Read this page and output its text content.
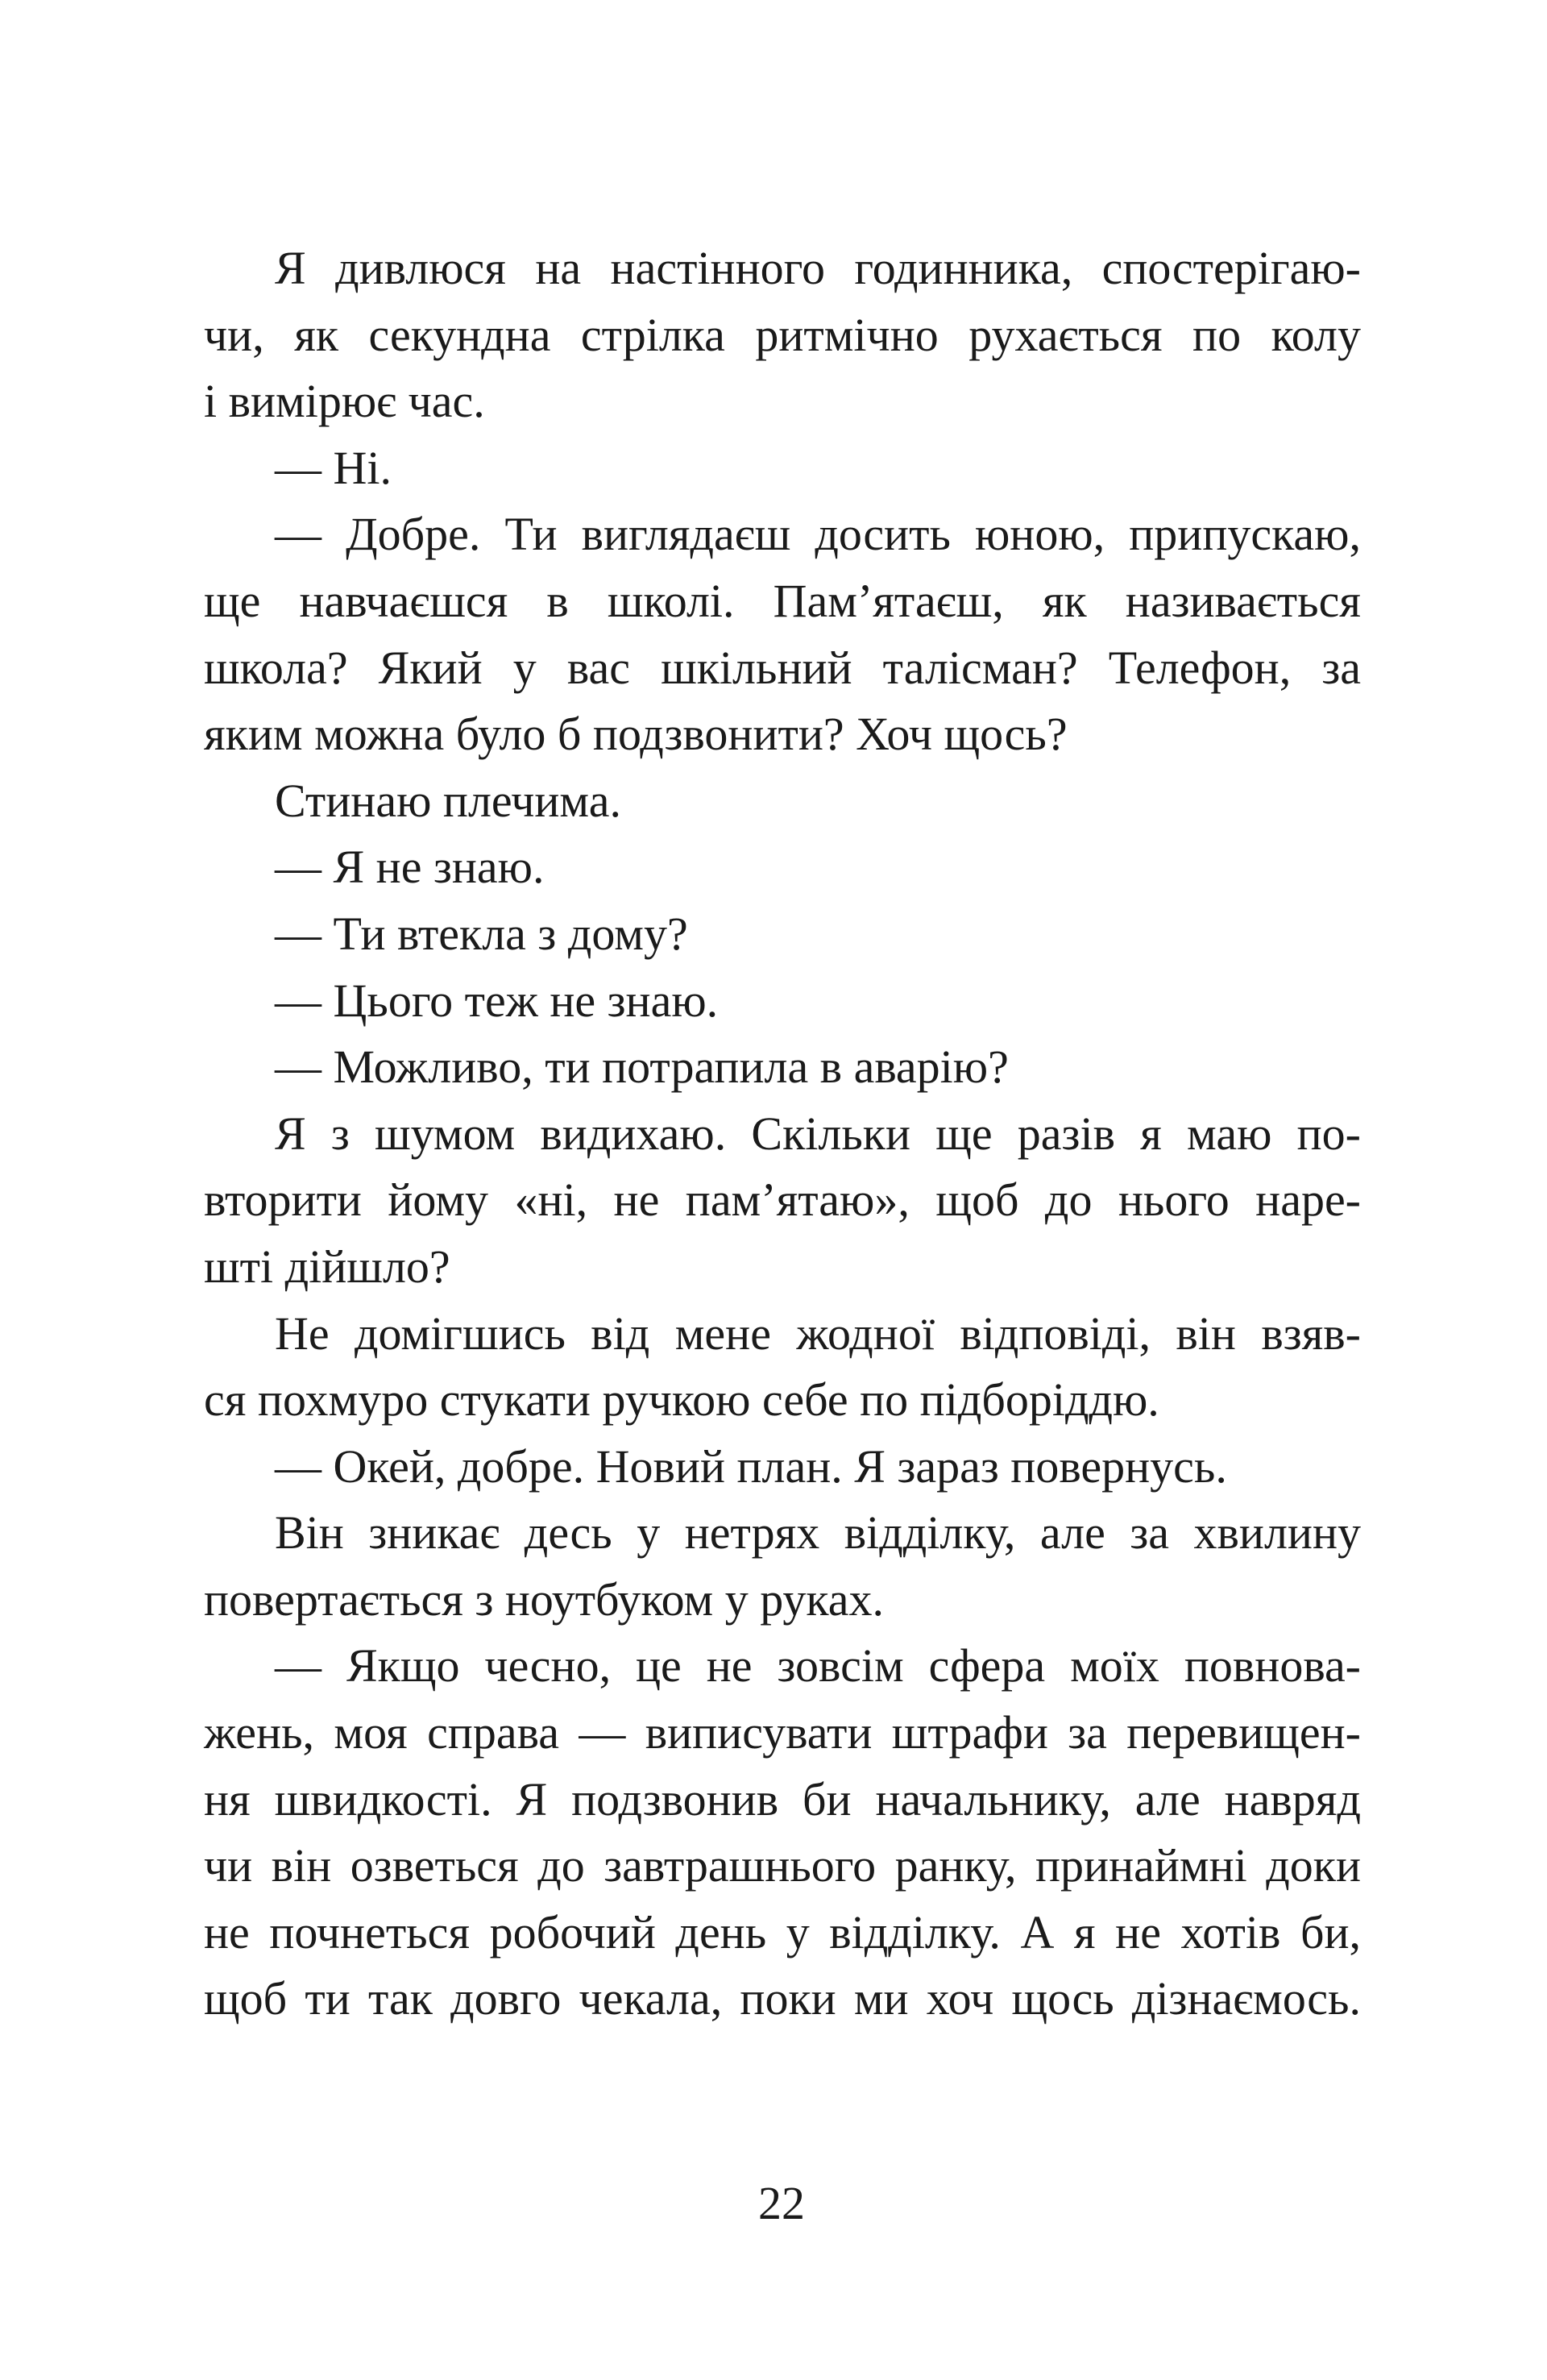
Я дивлюся на настінного годинника, спостерігаю-
чи, як секундна стрілка ритмічно рухається по колу
і вимірює час.
— Ні.
— Добре. Ти виглядаєш досить юною, припускаю,
ще навчаєшся в школі. Пам’ятаєш, як називається
школа? Який у вас шкільний талісман? Телефон, за
яким можна було б подзвонити? Хоч щось?
Стинаю плечима.
— Я не знаю.
— Ти втекла з дому?
— Цього теж не знаю.
— Можливо, ти потрапила в аварію?
Я з шумом видихаю. Скільки ще разів я маю по-
вторити йому «ні, не пам’ятаю», щоб до нього наре-
шті дійшло?
Не домігшись від мене жодної відповіді, він взяв-
ся похмуро стукати ручкою себе по підборіддю.
— Окей, добре. Новий план. Я зараз повернусь.
Він зникає десь у нетрях відділку, але за хвилину
повертається з ноутбуком у руках.
— Якщо чесно, це не зовсім сфера моїх повнова-
жень, моя справа — виписувати штрафи за перевищен-
ня швидкості. Я подзвонив би начальнику, але навряд
чи він озветься до завтрашнього ранку, принаймні доки
не почнеться робочий день у відділку. А я не хотів би,
щоб ти так довго чекала, поки ми хоч щось дізнаємось.
22
